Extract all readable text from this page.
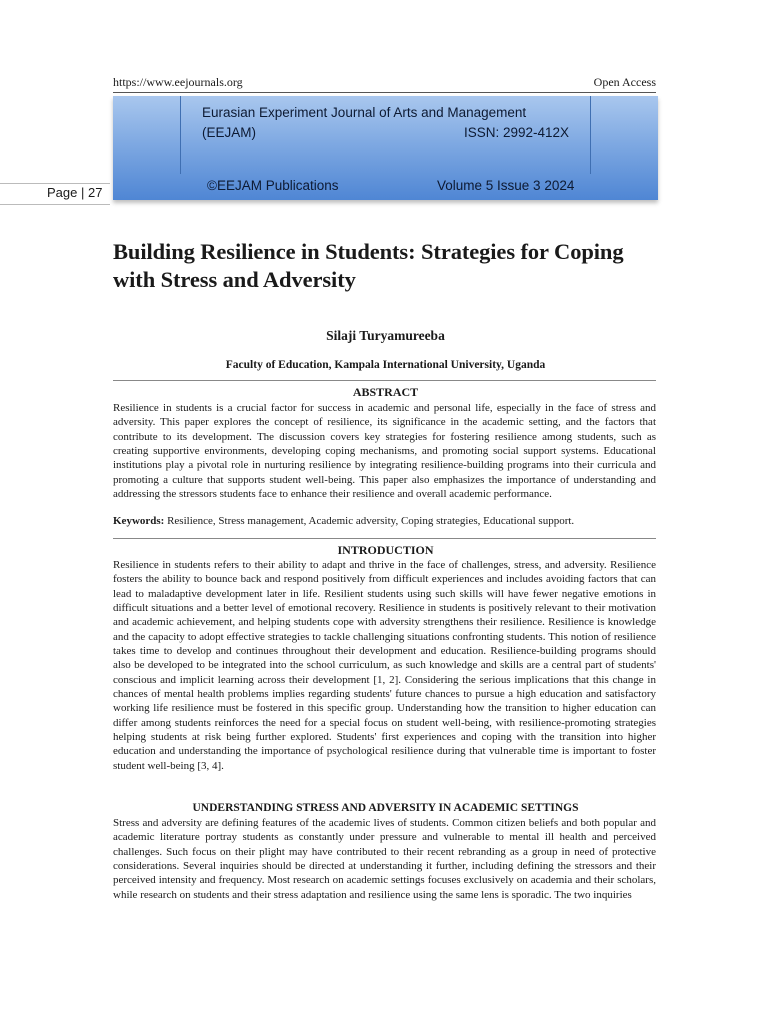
https://www.eejournals.org	Open Access
Eurasian Experiment Journal of Arts and Management
(EEJAM)	ISSN: 2992-412X
©EEJAM Publications	Volume 5 Issue 3 2024
Page | 27
Building Resilience in Students: Strategies for Coping with Stress and Adversity
Silaji Turyamureeba
Faculty of Education, Kampala International University, Uganda
ABSTRACT

Resilience in students is a crucial factor for success in academic and personal life, especially in the face of stress and adversity. This paper explores the concept of resilience, its significance in the academic setting, and the factors that contribute to its development. The discussion covers key strategies for fostering resilience among students, such as creating supportive environments, developing coping mechanisms, and promoting social support systems. Educational institutions play a pivotal role in nurturing resilience by integrating resilience-building programs into their curricula and promoting a culture that supports student well-being. This paper also emphasizes the importance of understanding and addressing the stressors students face to enhance their resilience and overall academic performance.

Keywords: Resilience, Stress management, Academic adversity, Coping strategies, Educational support.
INTRODUCTION

Resilience in students refers to their ability to adapt and thrive in the face of challenges, stress, and adversity. Resilience fosters the ability to bounce back and respond positively from difficult experiences and includes avoiding factors that can lead to maladaptive development later in life. Resilient students using such skills will have fewer negative emotions in difficult situations and a better level of emotional recovery. Resilience in students is positively relevant to their motivation and academic achievement, and helping students cope with adversity strengthens their resilience. Resilience is knowledge and the capacity to adopt effective strategies to tackle challenging situations confronting students. This notion of resilience takes time to develop and continues throughout their development and education. Resilience-building programs should also be developed to be integrated into the school curriculum, as such knowledge and skills are a central part of students' conscious and implicit learning across their development [1, 2]. Considering the serious implications that this change in chances of mental health problems implies regarding students' future chances to pursue a high education and satisfactory working life resilience must be fostered in this specific group. Understanding how the transition to higher education can differ among students reinforces the need for a special focus on student well-being, with resilience-promoting strategies helping students at risk being further explored. Students' first experiences and coping with the transition into higher education and understanding the importance of psychological resilience during that vulnerable time is important to foster student well-being [3, 4].

UNDERSTANDING STRESS AND ADVERSITY IN ACADEMIC SETTINGS

Stress and adversity are defining features of the academic lives of students. Common citizen beliefs and both popular and academic literature portray students as constantly under pressure and vulnerable to mental ill health and perceived challenges. Such focus on their plight may have contributed to their recent rebranding as a group in need of protective considerations. Several inquiries should be directed at understanding it further, including defining the stressors and their perceived intensity and frequency. Most research on academic settings focuses exclusively on academia and their scholars, while research on students and their stress adaptation and resilience using the same lens is sporadic. The two inquiries
